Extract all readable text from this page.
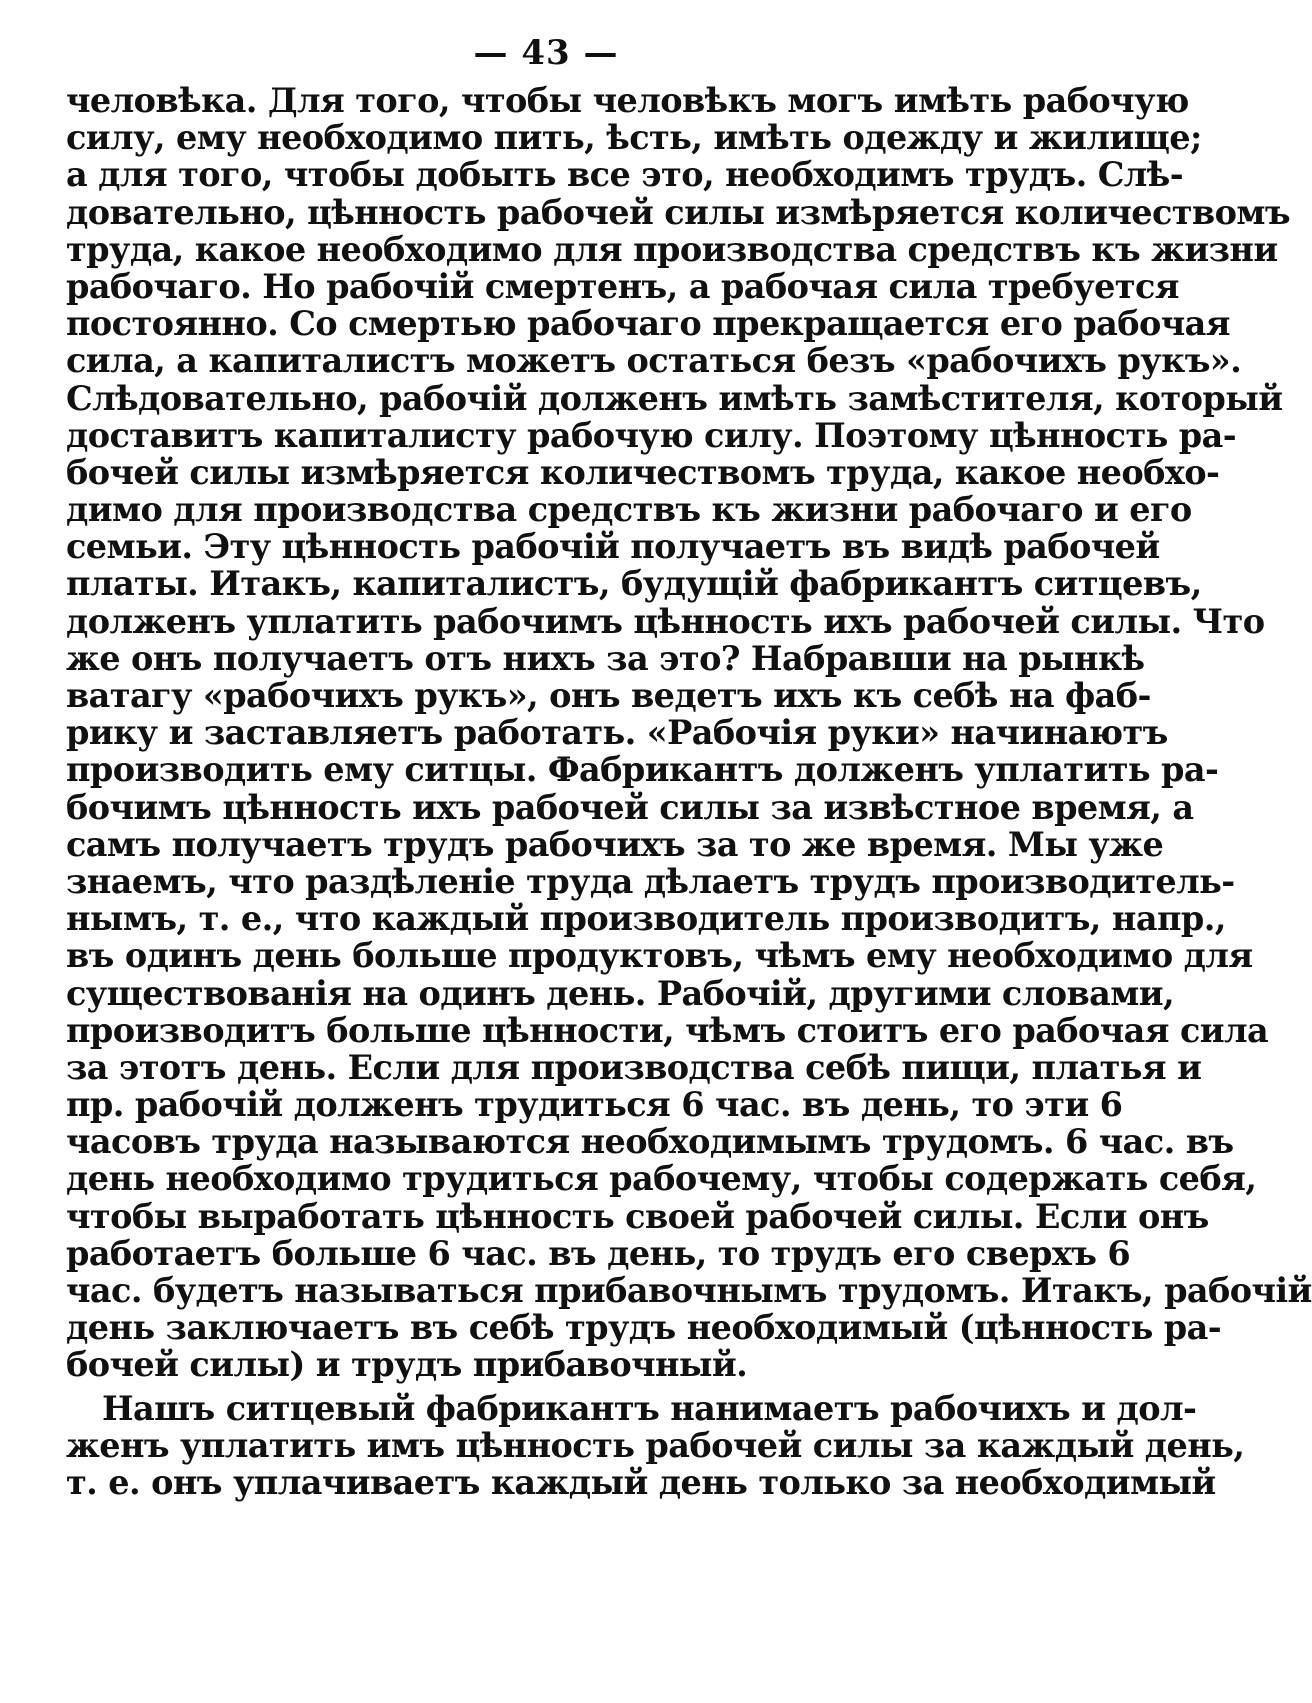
— 43 —
человѣка. Для того, чтобы человѣкъ могъ имѣть рабочую
силу, ему необходимо пить, ѣсть, имѣть одежду и жилище;
а для того, чтобы добыть все это, необходимъ трудъ. Слѣ-
довательно, цѣнность рабочей силы измѣряется количествомъ
труда, какое необходимо для производства средствъ къ жизни
рабочаго. Но рабочій смертенъ, а рабочая сила требуется
постоянно. Со смертью рабочаго прекращается его рабочая
сила, а капиталистъ можетъ остаться безъ «рабочихъ рукъ».
Слѣдовательно, рабочій долженъ имѣть замѣстителя, который
доставитъ капиталисту рабочую силу. Поэтому цѣнность ра-
бочей силы измѣряется количествомъ труда, какое необхо-
димо для производства средствъ къ жизни рабочаго и его
семьи. Эту цѣнность рабочій получаетъ въ видѣ рабочей
платы. Итакъ, капиталистъ, будущій фабрикантъ ситцевъ,
долженъ уплатить рабочимъ цѣнность ихъ рабочей силы. Что
же онъ получаетъ отъ нихъ за это? Набравши на рынкѣ
ватагу «рабочихъ рукъ», онъ ведетъ ихъ къ себѣ на фаб-
рику и заставляетъ работать. «Рабочія руки» начинаютъ
производить ему ситцы. Фабрикантъ долженъ уплатить ра-
бочимъ цѣнность ихъ рабочей силы за извѣстное время, а
самъ получаетъ трудъ рабочихъ за то же время. Мы уже
знаемъ, что раздѣленіе труда дѣлаетъ трудъ производитель-
нымъ, т. е., что каждый производитель производитъ, напр.,
въ одинъ день больше продуктовъ, чѣмъ ему необходимо для
существованія на одинъ день. Рабочій, другими словами,
производитъ больше цѣнности, чѣмъ стоитъ его рабочая сила
за этотъ день. Если для производства себѣ пищи, платья и
пр. рабочій долженъ трудиться 6 час. въ день, то эти 6
часовъ труда называются необходимымъ трудомъ. 6 час. въ
день необходимо трудиться рабочему, чтобы содержать себя,
чтобы выработать цѣнность своей рабочей силы. Если онъ
работаетъ больше 6 час. въ день, то трудъ его сверхъ 6
час. будетъ называться прибавочнымъ трудомъ. Итакъ, рабочій
день заключаетъ въ себѣ трудъ необходимый (цѣнность ра-
бочей силы) и трудъ прибавочный.
Нашъ ситцевый фабрикантъ нанимаетъ рабочихъ и дол-
женъ уплатить имъ цѣнность рабочей силы за каждый день,
т. е. онъ уплачиваетъ каждый день только за необходимый
